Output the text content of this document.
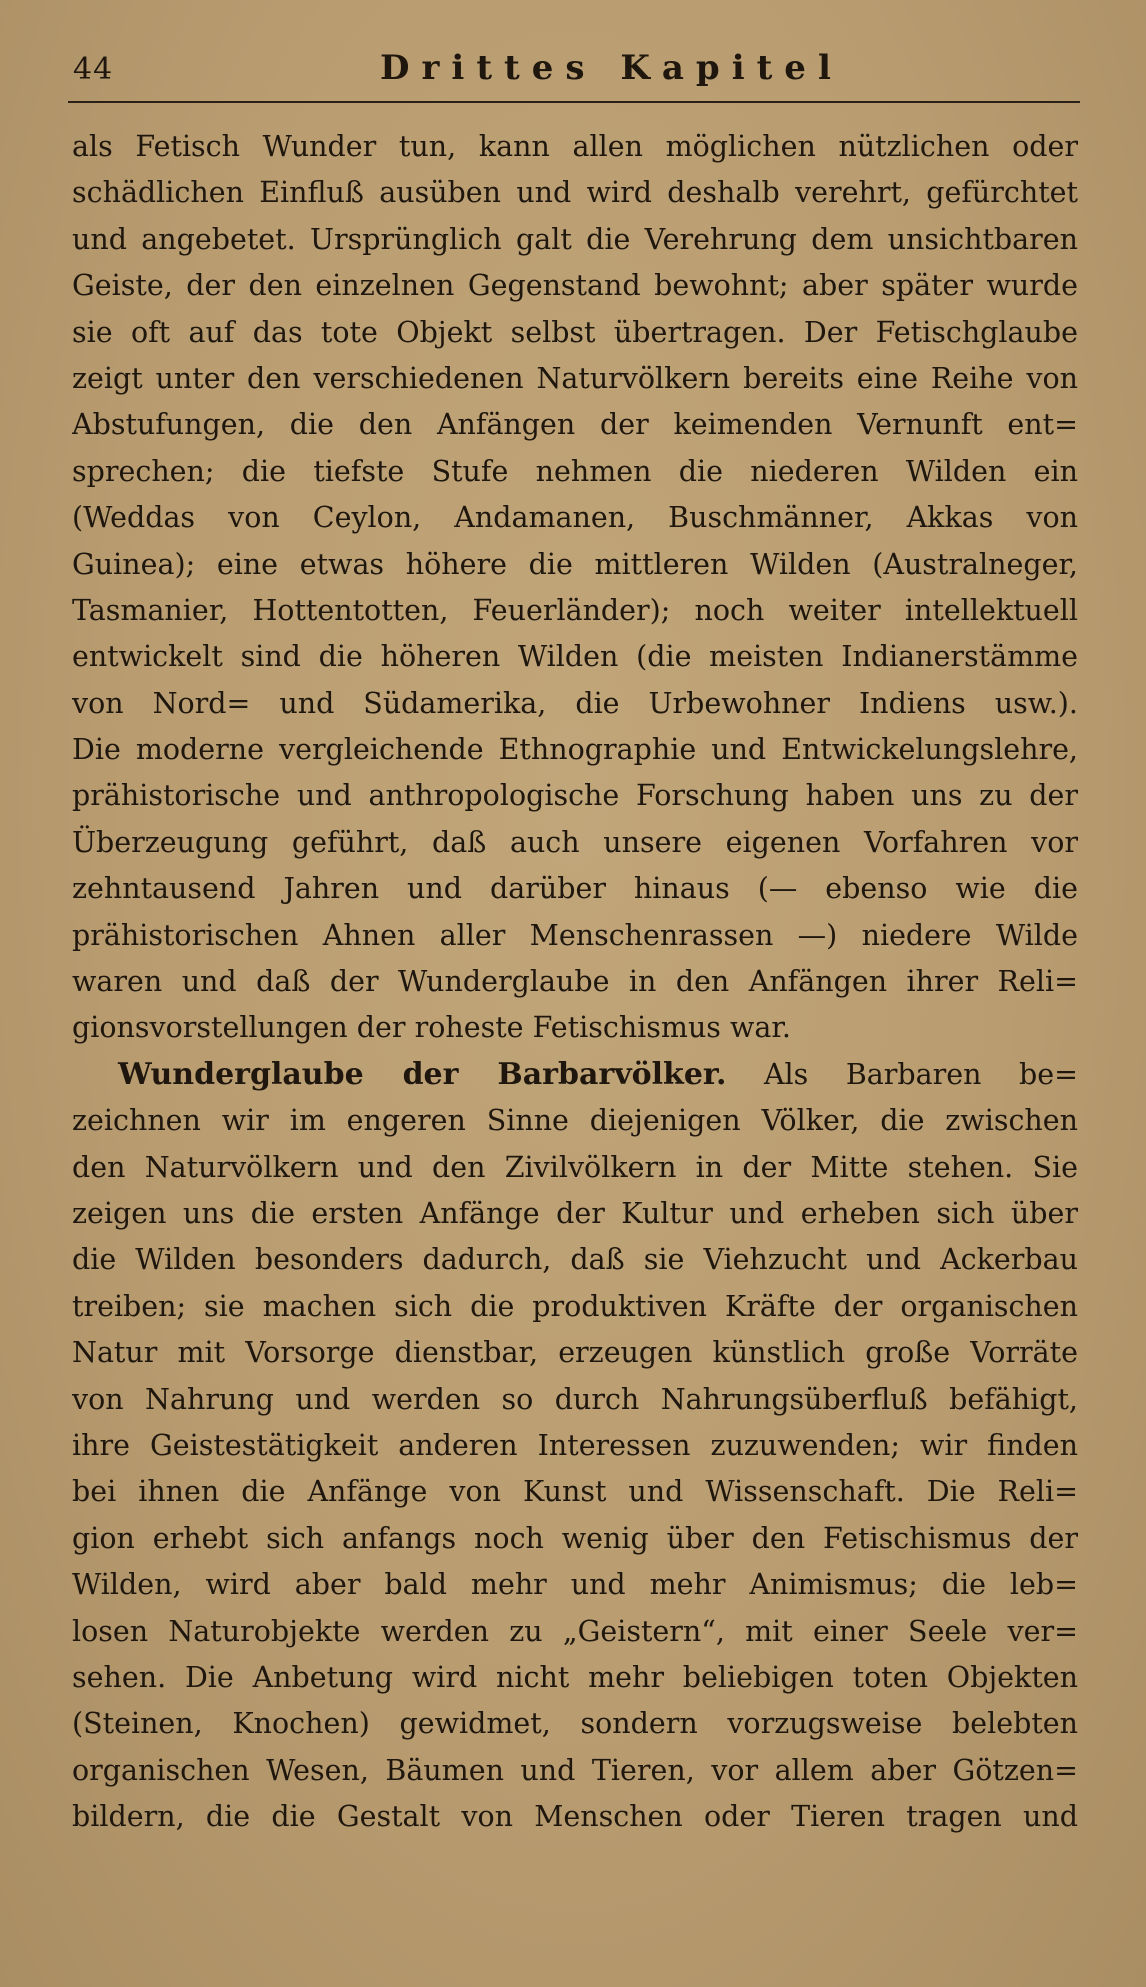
44	Drittes Kapitel
als Fetisch Wunder tun, kann allen möglichen nützlichen oder
schädlichen Einfluß ausüben und wird deshalb verehrt, gefürchtet
und angebetet. Ursprünglich galt die Verehrung dem unsichtbaren
Geiste, der den einzelnen Gegenstand bewohnt; aber später wurde
sie oft auf das tote Objekt selbst übertragen. Der Fetischglaube
zeigt unter den verschiedenen Naturvölkern bereits eine Reihe von
Abstufungen, die den Anfängen der keimenden Vernunft ent=
sprechen; die tiefste Stufe nehmen die niederen Wilden ein
(Weddas von Ceylon, Andamanen, Buschmänner, Akkas von
Guinea); eine etwas höhere die mittleren Wilden (Australneger,
Tasmanier, Hottentotten, Feuerländer); noch weiter intellektuell
entwickelt sind die höheren Wilden (die meisten Indianerstämme
von Nord= und Südamerika, die Urbewohner Indiens usw.).
Die moderne vergleichende Ethnographie und Entwickelungslehre,
prähistorische und anthropologische Forschung haben uns zu der
Überzeugung geführt, daß auch unsere eigenen Vorfahren vor
zehntausend Jahren und darüber hinaus (— ebenso wie die
prähistorischen Ahnen aller Menschenrassen —) niedere Wilde
waren und daß der Wunderglaube in den Anfängen ihrer Reli=
gionsvorstellungen der roheste Fetischismus war.
Wunderglaube der Barbarvölker. Als Barbaren be=
zeichnen wir im engeren Sinne diejenigen Völker, die zwischen
den Naturvölkern und den Zivilvölkern in der Mitte stehen. Sie
zeigen uns die ersten Anfänge der Kultur und erheben sich über
die Wilden besonders dadurch, daß sie Viehzucht und Ackerbau
treiben; sie machen sich die produktiven Kräfte der organischen
Natur mit Vorsorge dienstbar, erzeugen künstlich große Vorräte
von Nahrung und werden so durch Nahrungsüberfluß befähigt,
ihre Geistestätigkeit anderen Interessen zuzuwenden; wir finden
bei ihnen die Anfänge von Kunst und Wissenschaft. Die Reli=
gion erhebt sich anfangs noch wenig über den Fetischismus der
Wilden, wird aber bald mehr und mehr Animismus; die leb=
losen Naturobjekte werden zu „Geistern“, mit einer Seele ver=
sehen. Die Anbetung wird nicht mehr beliebigen toten Objekten
(Steinen, Knochen) gewidmet, sondern vorzugsweise belebten
organischen Wesen, Bäumen und Tieren, vor allem aber Götzen=
bildern, die die Gestalt von Menschen oder Tieren tragen und
